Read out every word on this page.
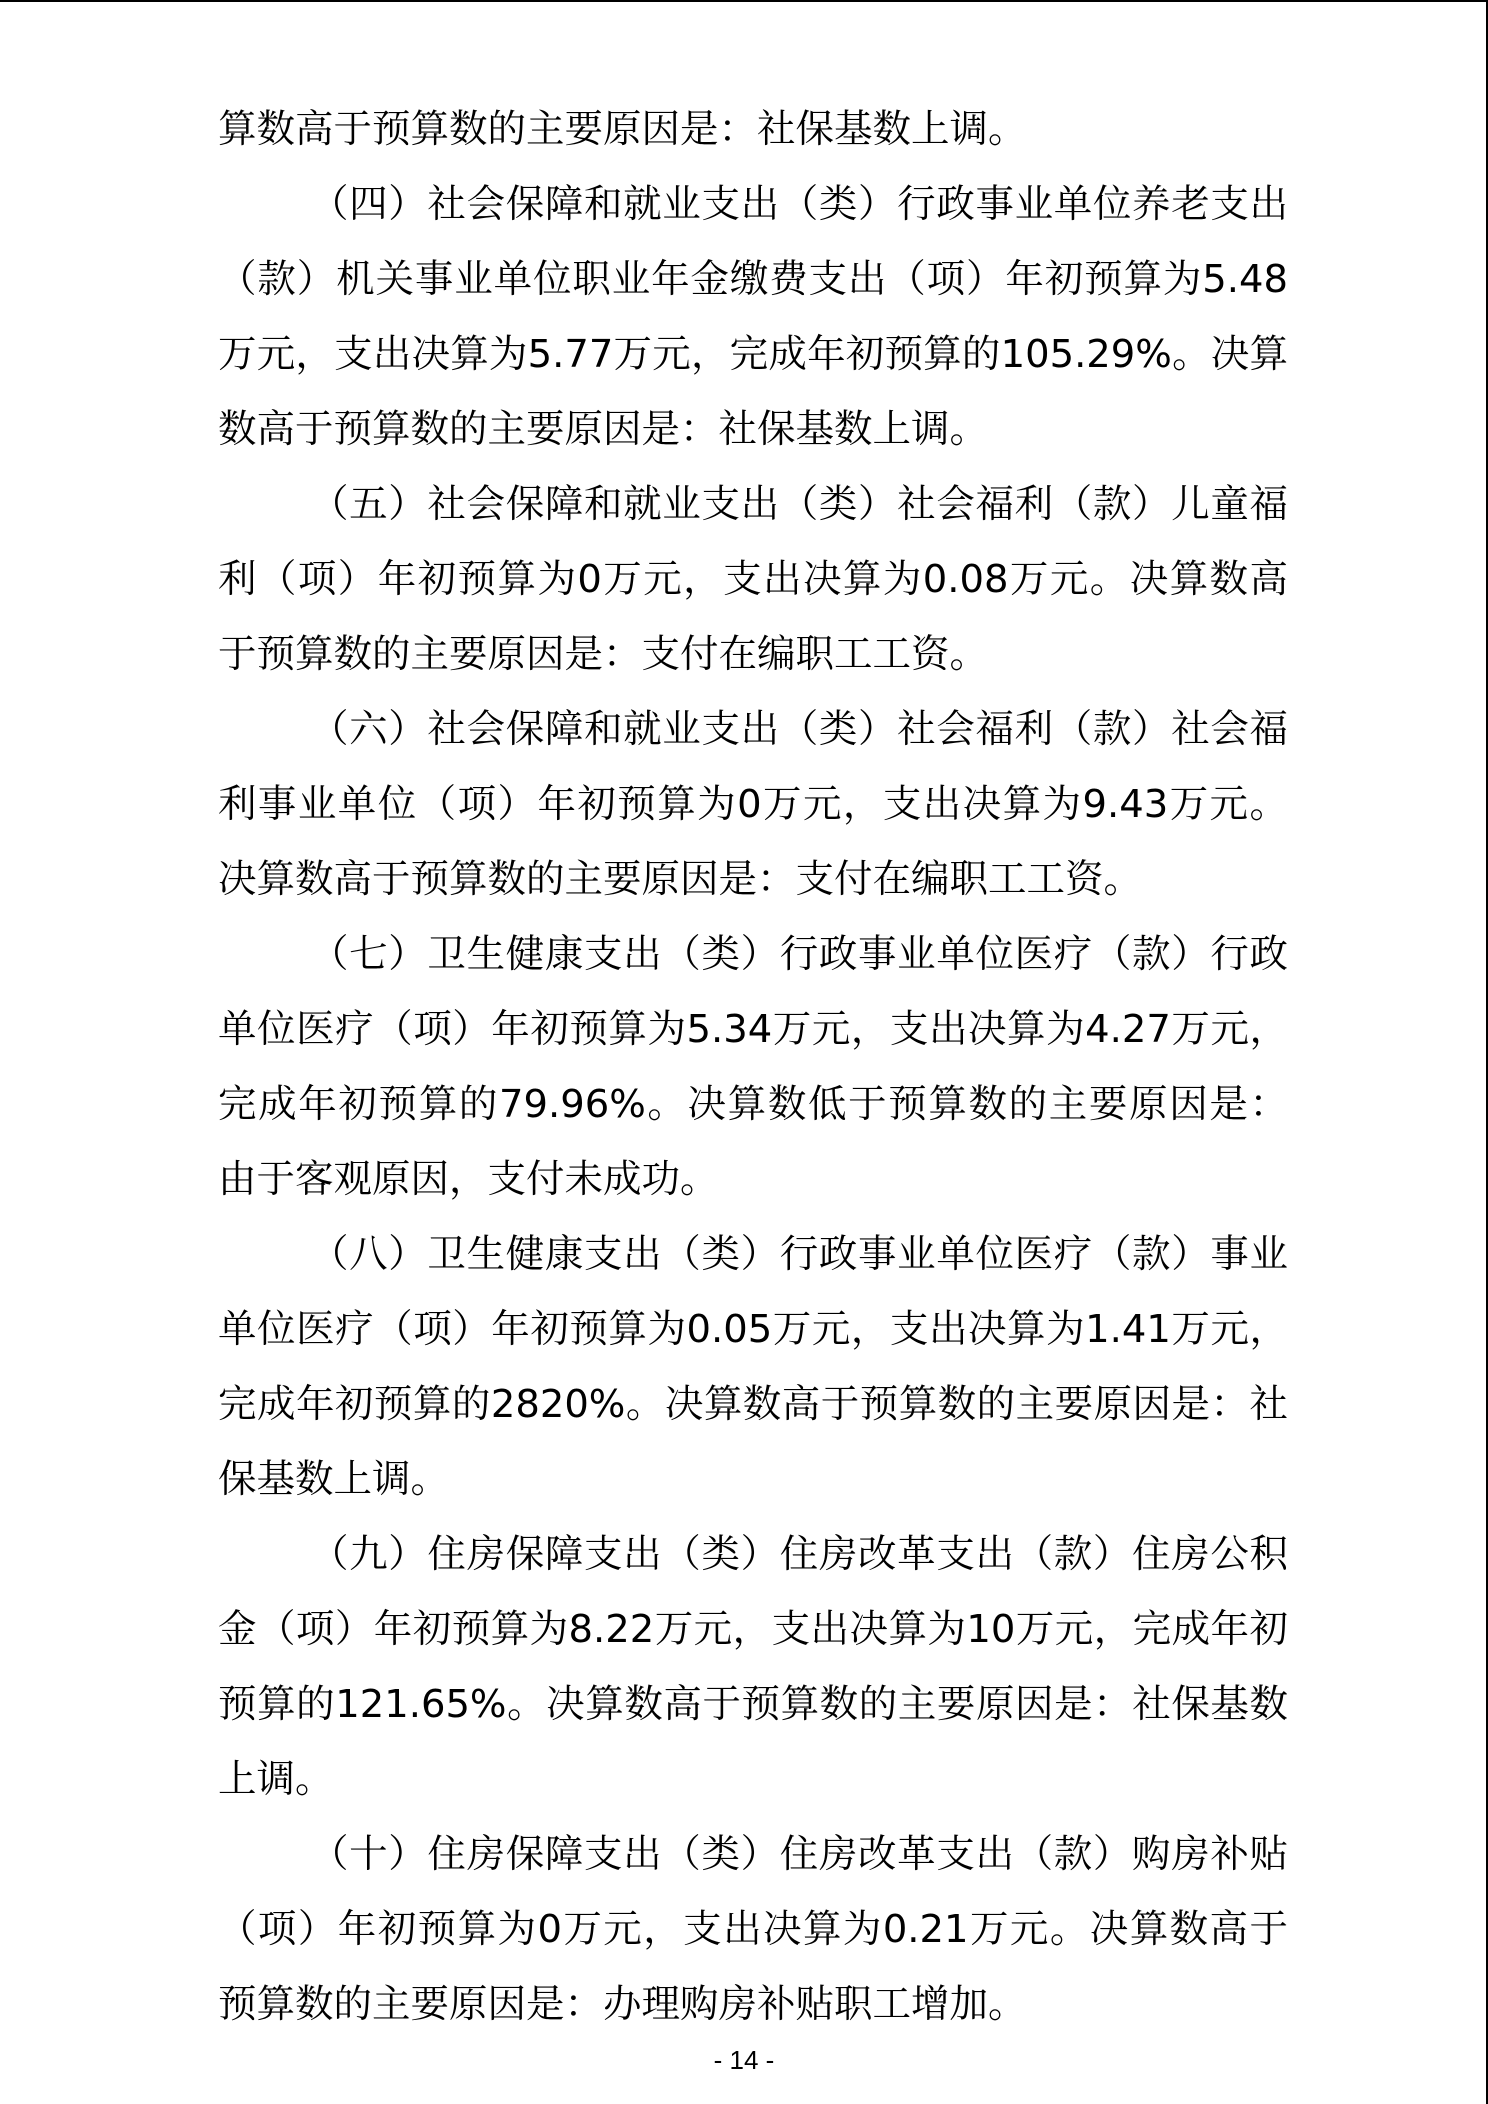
算数高于预算数的主要原因是：社保基数上调。

（四）社会保障和就业支出（类）行政事业单位养老支出（款）机关事业单位职业年金缴费支出（项）年初预算为5.48万元，支出决算为5.77万元，完成年初预算的105.29%。决算数高于预算数的主要原因是：社保基数上调。

（五）社会保障和就业支出（类）社会福利（款）儿童福利（项）年初预算为0万元，支出决算为0.08万元。决算数高于预算数的主要原因是：支付在编职工工资。

（六）社会保障和就业支出（类）社会福利（款）社会福利事业单位（项）年初预算为0万元，支出决算为9.43万元。决算数高于预算数的主要原因是：支付在编职工工资。

（七）卫生健康支出（类）行政事业单位医疗（款）行政单位医疗（项）年初预算为5.34万元，支出决算为4.27万元，完成年初预算的79.96%。决算数低于预算数的主要原因是：由于客观原因，支付未成功。

（八）卫生健康支出（类）行政事业单位医疗（款）事业单位医疗（项）年初预算为0.05万元，支出决算为1.41万元，完成年初预算的2820%。决算数高于预算数的主要原因是：社保基数上调。

（九）住房保障支出（类）住房改革支出（款）住房公积金（项）年初预算为8.22万元，支出决算为10万元，完成年初预算的121.65%。决算数高于预算数的主要原因是：社保基数上调。

（十）住房保障支出（类）住房改革支出（款）购房补贴（项）年初预算为0万元，支出决算为0.21万元。决算数高于预算数的主要原因是：办理购房补贴职工增加。

- 14 -
